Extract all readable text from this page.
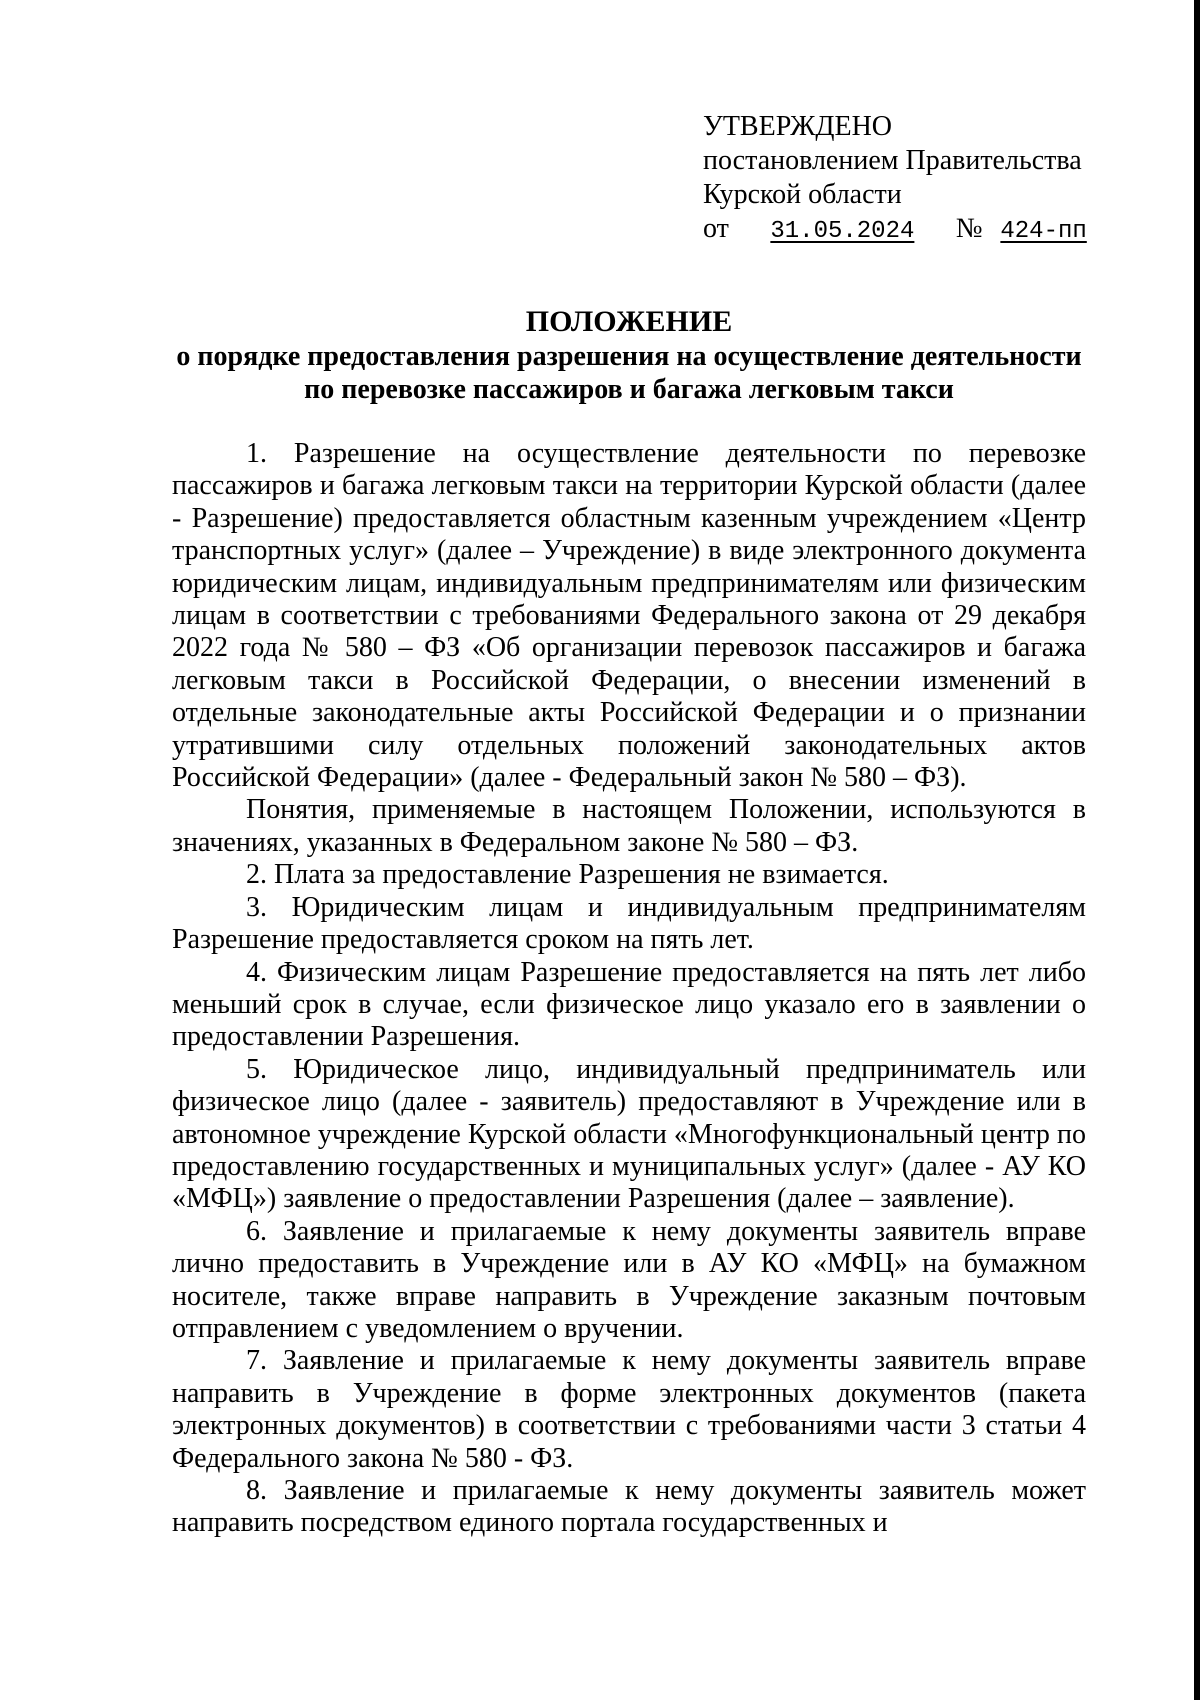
УТВЕРЖДЕНО
постановлением Правительства
Курской области
от 31.05.2024 № 424-пп
ПОЛОЖЕНИЕ
о порядке предоставления разрешения на осуществление деятельности по перевозке пассажиров и багажа легковым такси

1. Разрешение на осуществление деятельности по перевозке пассажиров и багажа легковым такси на территории Курской области (далее - Разрешение) предоставляется областным казенным учреждением «Центр транспортных услуг» (далее – Учреждение) в виде электронного документа юридическим лицам, индивидуальным предпринимателям или физическим лицам в соответствии с требованиями Федерального закона от 29 декабря 2022 года № 580 – ФЗ «Об организации перевозок пассажиров и багажа легковым такси в Российской Федерации, о внесении изменений в отдельные законодательные акты Российской Федерации и о признании утратившими силу отдельных положений законодательных актов Российской Федерации» (далее - Федеральный закон № 580 – ФЗ).

Понятия, применяемые в настоящем Положении, используются в значениях, указанных в Федеральном законе № 580 – ФЗ.

2. Плата за предоставление Разрешения не взимается.

3. Юридическим лицам и индивидуальным предпринимателям Разрешение предоставляется сроком на пять лет.

4. Физическим лицам Разрешение предоставляется на пять лет либо меньший срок в случае, если физическое лицо указало его в заявлении о предоставлении Разрешения.

5. Юридическое лицо, индивидуальный предприниматель или физическое лицо (далее - заявитель) предоставляют в Учреждение или в автономное учреждение Курской области «Многофункциональный центр по предоставлению государственных и муниципальных услуг» (далее - АУ КО «МФЦ») заявление о предоставлении Разрешения (далее – заявление).

6. Заявление и прилагаемые к нему документы заявитель вправе лично предоставить в Учреждение или в АУ КО «МФЦ» на бумажном носителе, также вправе направить в Учреждение заказным почтовым отправлением с уведомлением о вручении.

7. Заявление и прилагаемые к нему документы заявитель вправе направить в Учреждение в форме электронных документов (пакета электронных документов) в соответствии с требованиями части 3 статьи 4 Федерального закона № 580 - ФЗ.

8. Заявление и прилагаемые к нему документы заявитель может направить посредством единого портала государственных и
